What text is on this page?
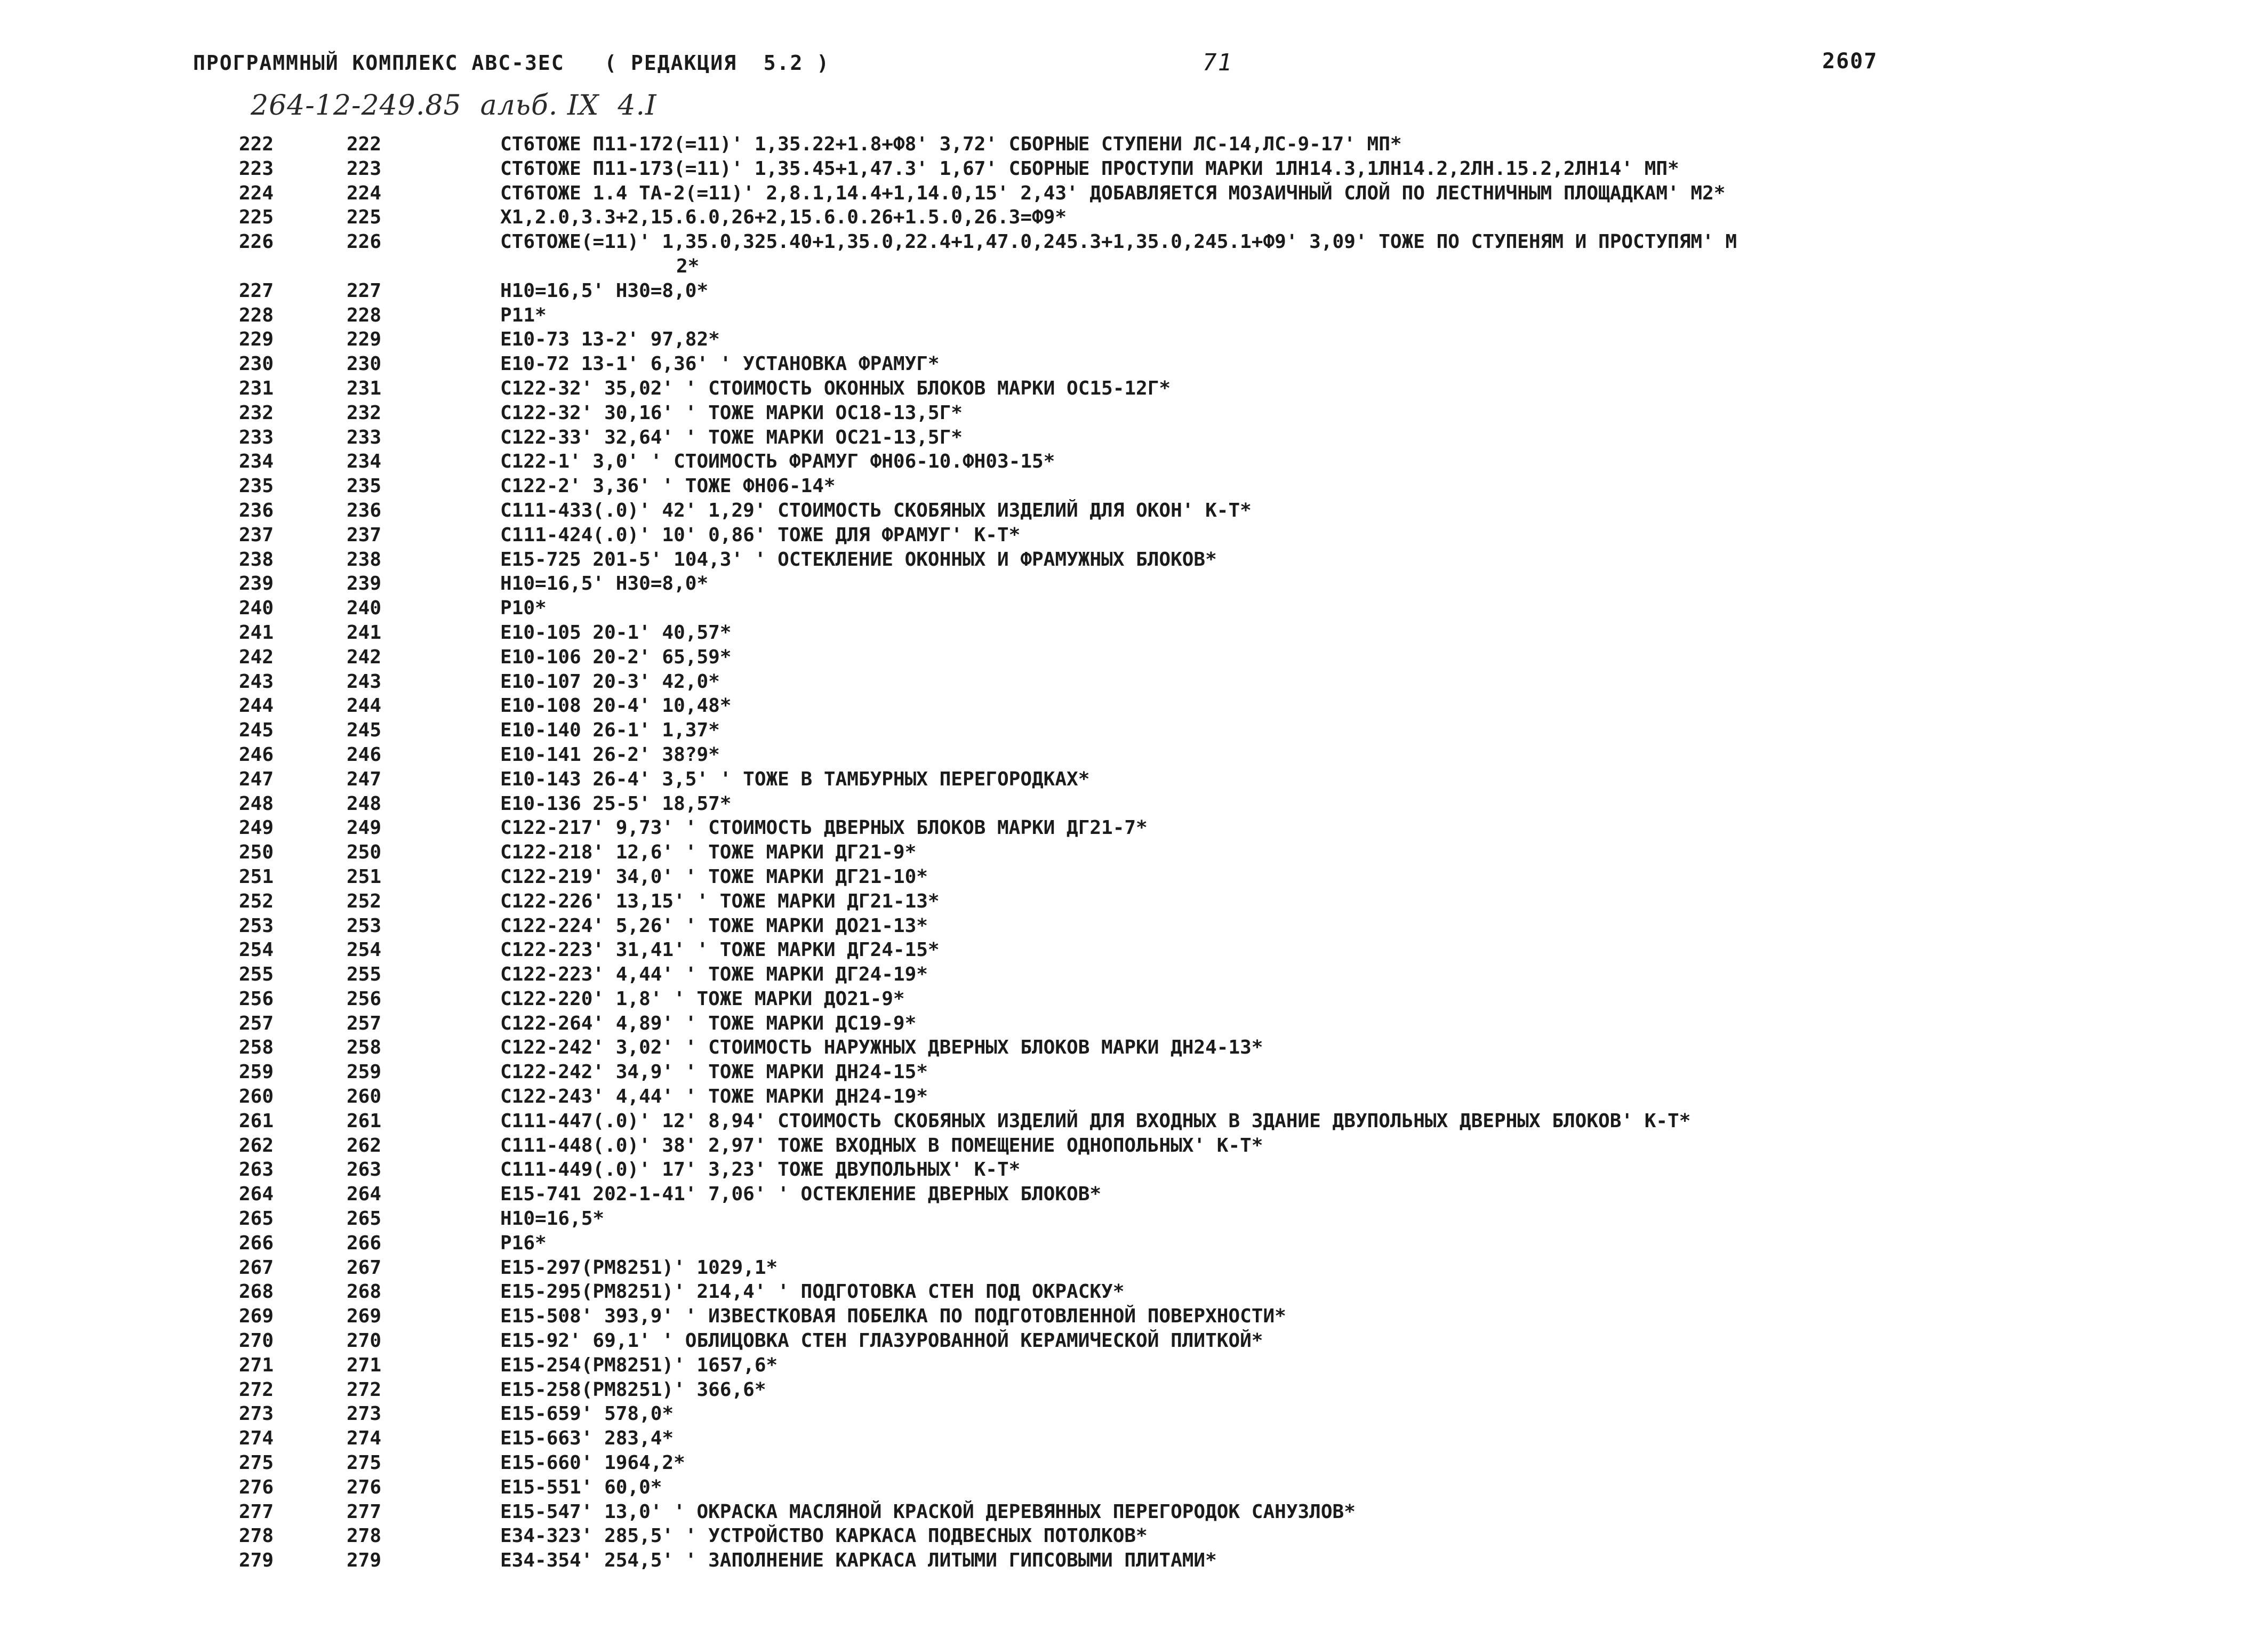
ПРОГРАММНЫЙ КОМПЛЕКС АВС-ЗЕС   ( РЕДАКЦИЯ  5.2 )	71	2607
264-12-249.85  альб. IX  4.I
222	222	СТ6ТОЖЕ П11-172(=11)' 1,35.22+1.8+Ф8' 3,72' СБОРНЫЕ СТУПЕНИ ЛС-14,ЛС-9-17' МП*
223	223	СТ6ТОЖЕ П11-173(=11)' 1,35.45+1,47.3' 1,67' СБОРНЫЕ ПРОСТУПИ МАРКИ 1ЛН14.3,1ЛН14.2,2ЛН.15.2,2ЛН14' МП*
224	224	СТ6ТОЖЕ 1.4 ТА-2(=11)' 2,8.1,14.4+1,14.0,15' 2,43' ДОБАВЛЯЕТСЯ МОЗАИЧНЫЙ СЛОЙ ПО ЛЕСТНИЧНЫМ ПЛОЩАДКАМ' М2*
225	225	Х1,2.0,3.3+2,15.6.0,26+2,15.6.0.26+1.5.0,26.3=Ф9*
226	226	СТ6ТОЖЕ(=11)' 1,35.0,325.40+1,35.0,22.4+1,47.0,245.3+1,35.0,245.1+Ф9' 3,09' ТОЖЕ ПО СТУПЕНЯМ И ПРОСТУПЯМ' М
2*
227	227	Н10=16,5' Н30=8,0*
228	228	Р11*
229	229	Е10-73 13-2' 97,82*
230	230	Е10-72 13-1' 6,36' ' УСТАНОВКА ФРАМУГ*
231	231	С122-32' 35,02' ' СТОИМОСТЬ ОКОННЫХ БЛОКОВ МАРКИ ОС15-12Г*
232	232	С122-32' 30,16' ' ТОЖЕ МАРКИ ОС18-13,5Г*
233	233	С122-33' 32,64' ' ТОЖЕ МАРКИ ОС21-13,5Г*
234	234	С122-1' 3,0' ' СТОИМОСТЬ ФРАМУГ ФН06-10.ФН03-15*
235	235	С122-2' 3,36' ' ТОЖЕ ФН06-14*
236	236	С111-433(.0)' 42' 1,29' СТОИМОСТЬ СКОБЯНЫХ ИЗДЕЛИЙ ДЛЯ ОКОН' К-Т*
237	237	С111-424(.0)' 10' 0,86' ТОЖЕ ДЛЯ ФРАМУГ' К-Т*
238	238	Е15-725 201-5' 104,3' ' ОСТЕКЛЕНИЕ ОКОННЫХ И ФРАМУЖНЫХ БЛОКОВ*
239	239	Н10=16,5' Н30=8,0*
240	240	Р10*
241	241	Е10-105 20-1' 40,57*
242	242	Е10-106 20-2' 65,59*
243	243	Е10-107 20-3' 42,0*
244	244	Е10-108 20-4' 10,48*
245	245	Е10-140 26-1' 1,37*
246	246	Е10-141 26-2' 38?9*
247	247	Е10-143 26-4' 3,5' ' ТОЖЕ В ТАМБУРНЫХ ПЕРЕГОРОДКАХ*
248	248	Е10-136 25-5' 18,57*
249	249	С122-217' 9,73' ' СТОИМОСТЬ ДВЕРНЫХ БЛОКОВ МАРКИ ДГ21-7*
250	250	С122-218' 12,6' ' ТОЖЕ МАРКИ ДГ21-9*
251	251	С122-219' 34,0' ' ТОЖЕ МАРКИ ДГ21-10*
252	252	С122-226' 13,15' ' ТОЖЕ МАРКИ ДГ21-13*
253	253	С122-224' 5,26' ' ТОЖЕ МАРКИ ДО21-13*
254	254	С122-223' 31,41' ' ТОЖЕ МАРКИ ДГ24-15*
255	255	С122-223' 4,44' ' ТОЖЕ МАРКИ ДГ24-19*
256	256	С122-220' 1,8' ' ТОЖЕ МАРКИ ДО21-9*
257	257	С122-264' 4,89' ' ТОЖЕ МАРКИ ДС19-9*
258	258	С122-242' 3,02' ' СТОИМОСТЬ НАРУЖНЫХ ДВЕРНЫХ БЛОКОВ МАРКИ ДН24-13*
259	259	С122-242' 34,9' ' ТОЖЕ МАРКИ ДН24-15*
260	260	С122-243' 4,44' ' ТОЖЕ МАРКИ ДН24-19*
261	261	С111-447(.0)' 12' 8,94' СТОИМОСТЬ СКОБЯНЫХ ИЗДЕЛИЙ ДЛЯ ВХОДНЫХ В ЗДАНИЕ ДВУПОЛЬНЫХ ДВЕРНЫХ БЛОКОВ' К-Т*
262	262	С111-448(.0)' 38' 2,97' ТОЖЕ ВХОДНЫХ В ПОМЕЩЕНИЕ ОДНОПОЛЬНЫХ' К-Т*
263	263	С111-449(.0)' 17' 3,23' ТОЖЕ ДВУПОЛЬНЫХ' К-Т*
264	264	Е15-741 202-1-41' 7,06' ' ОСТЕКЛЕНИЕ ДВЕРНЫХ БЛОКОВ*
265	265	Н10=16,5*
266	266	Р16*
267	267	Е15-297(РМ8251)' 1029,1*
268	268	Е15-295(РМ8251)' 214,4' ' ПОДГОТОВКА СТЕН ПОД ОКРАСКУ*
269	269	Е15-508' 393,9' ' ИЗВЕСТКОВАЯ ПОБЕЛКА ПО ПОДГОТОВЛЕННОЙ ПОВЕРХНОСТИ*
270	270	Е15-92' 69,1' ' ОБЛИЦОВКА СТЕН ГЛАЗУРОВАННОЙ КЕРАМИЧЕСКОЙ ПЛИТКОЙ*
271	271	Е15-254(РМ8251)' 1657,6*
272	272	Е15-258(РМ8251)' 366,6*
273	273	Е15-659' 578,0*
274	274	Е15-663' 283,4*
275	275	Е15-660' 1964,2*
276	276	Е15-551' 60,0*
277	277	Е15-547' 13,0' ' ОКРАСКА МАСЛЯНОЙ КРАСКОЙ ДЕРЕВЯННЫХ ПЕРЕГОРОДОК САНУЗЛОВ*
278	278	Е34-323' 285,5' ' УСТРОЙСТВО КАРКАСА ПОДВЕСНЫХ ПОТОЛКОВ*
279	279	Е34-354' 254,5' ' ЗАПОЛНЕНИЕ КАРКАСА ЛИТЫМИ ГИПСОВЫМИ ПЛИТАМИ*
